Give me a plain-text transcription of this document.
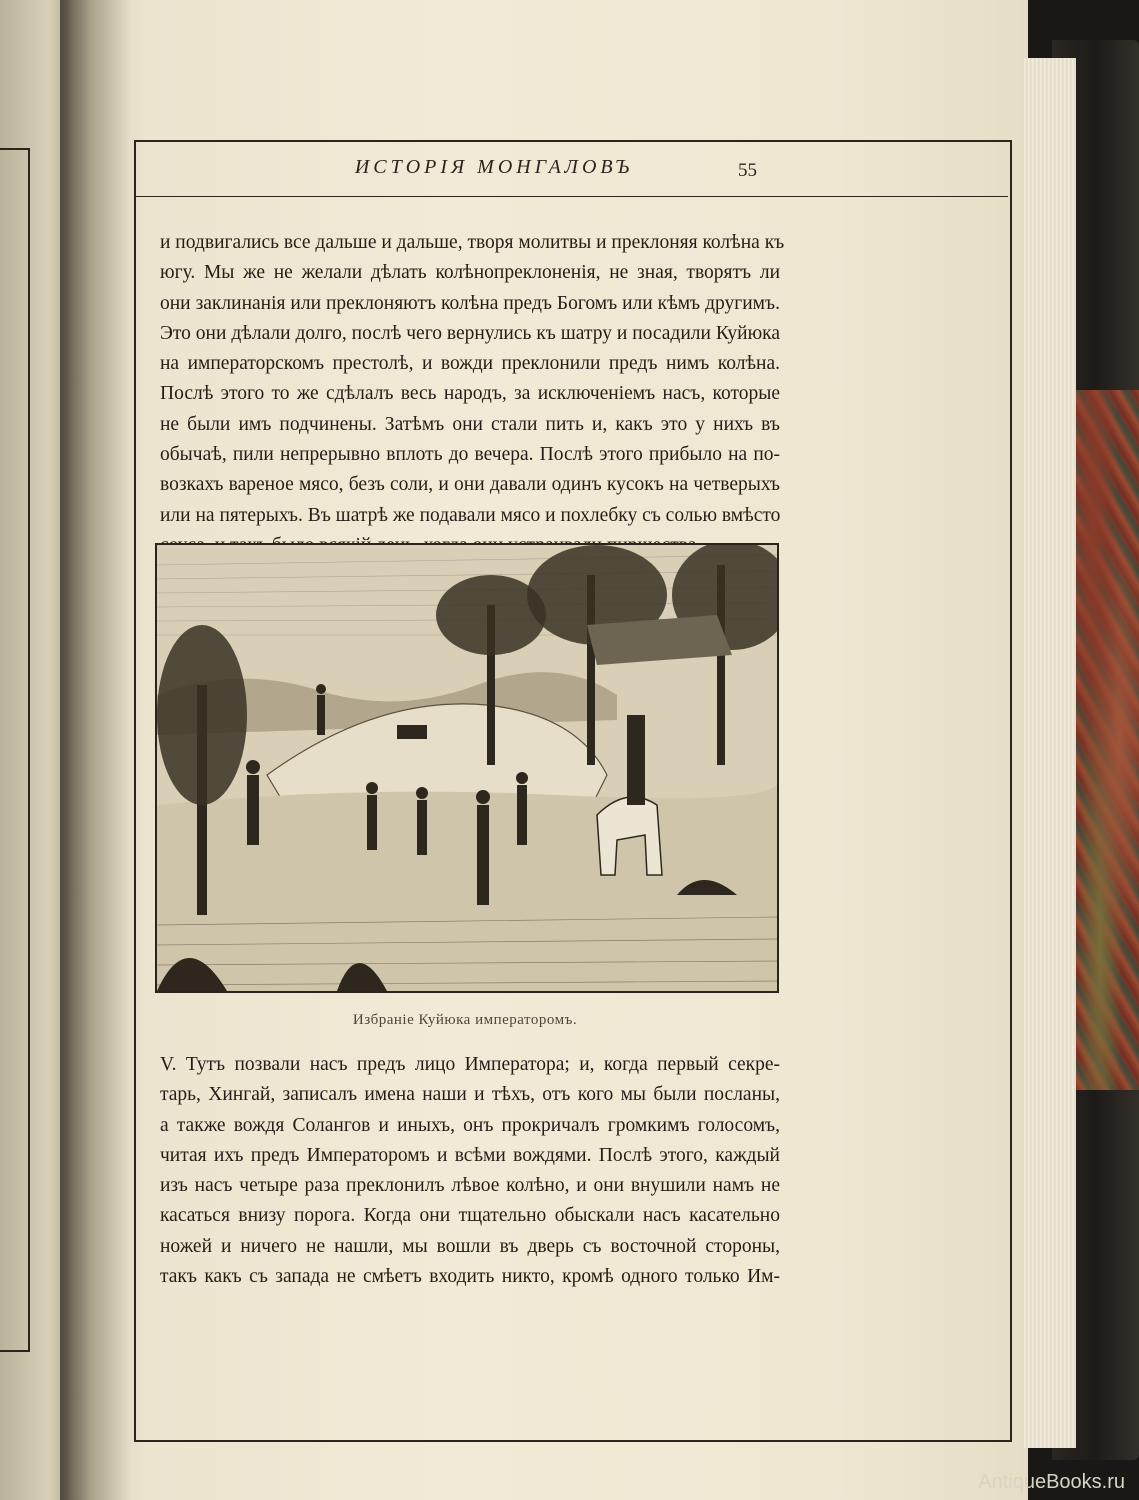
ИСТОРІЯ МОНГАЛОВЪ	55
и подвигались все дальше и дальше, творя молитвы и преклоняя колѣна къ
югу. Мы же не желали дѣлать колѣнопреклоненія, не зная, творятъ ли
они заклинанія или преклоняютъ колѣна предъ Богомъ или кѣмъ другимъ.
Это они дѣлали долго, послѣ чего вернулись къ шатру и посадили Куйюка
на императорскомъ престолѣ, и вожди преклонили предъ нимъ колѣна.
Послѣ этого то же сдѣлалъ весь народъ, за исключеніемъ насъ, которые
не были имъ подчинены. Затѣмъ они стали пить и, какъ это у нихъ въ
обычаѣ, пили непрерывно вплоть до вечера. Послѣ этого прибыло на по-
возкахъ вареное мясо, безъ соли, и они давали одинъ кусокъ на четверыхъ
или на пятерыхъ. Въ шатрѣ же подавали мясо и похлебку съ солью вмѣсто
Избраніе Куйюка императоромъ.
V. Тутъ позвали насъ предъ лицо Императора; и, когда первый секре-
тарь, Хингай, записалъ имена наши и тѣхъ, отъ кого мы были посланы,
а также вождя Солангов и иныхъ, онъ прокричалъ громкимъ голосомъ,
читая ихъ предъ Императоромъ и всѣми вождями. Послѣ этого, каждый
изъ насъ четыре раза преклонилъ лѣвое колѣно, и они внушили намъ не
касаться внизу порога. Когда они тщательно обыскали насъ касательно
ножей и ничего не нашли, мы вошли въ дверь съ восточной стороны,
такъ какъ съ запада не смѣетъ входить никто, кромѣ одного только Им-
AntiqueBooks.ru
